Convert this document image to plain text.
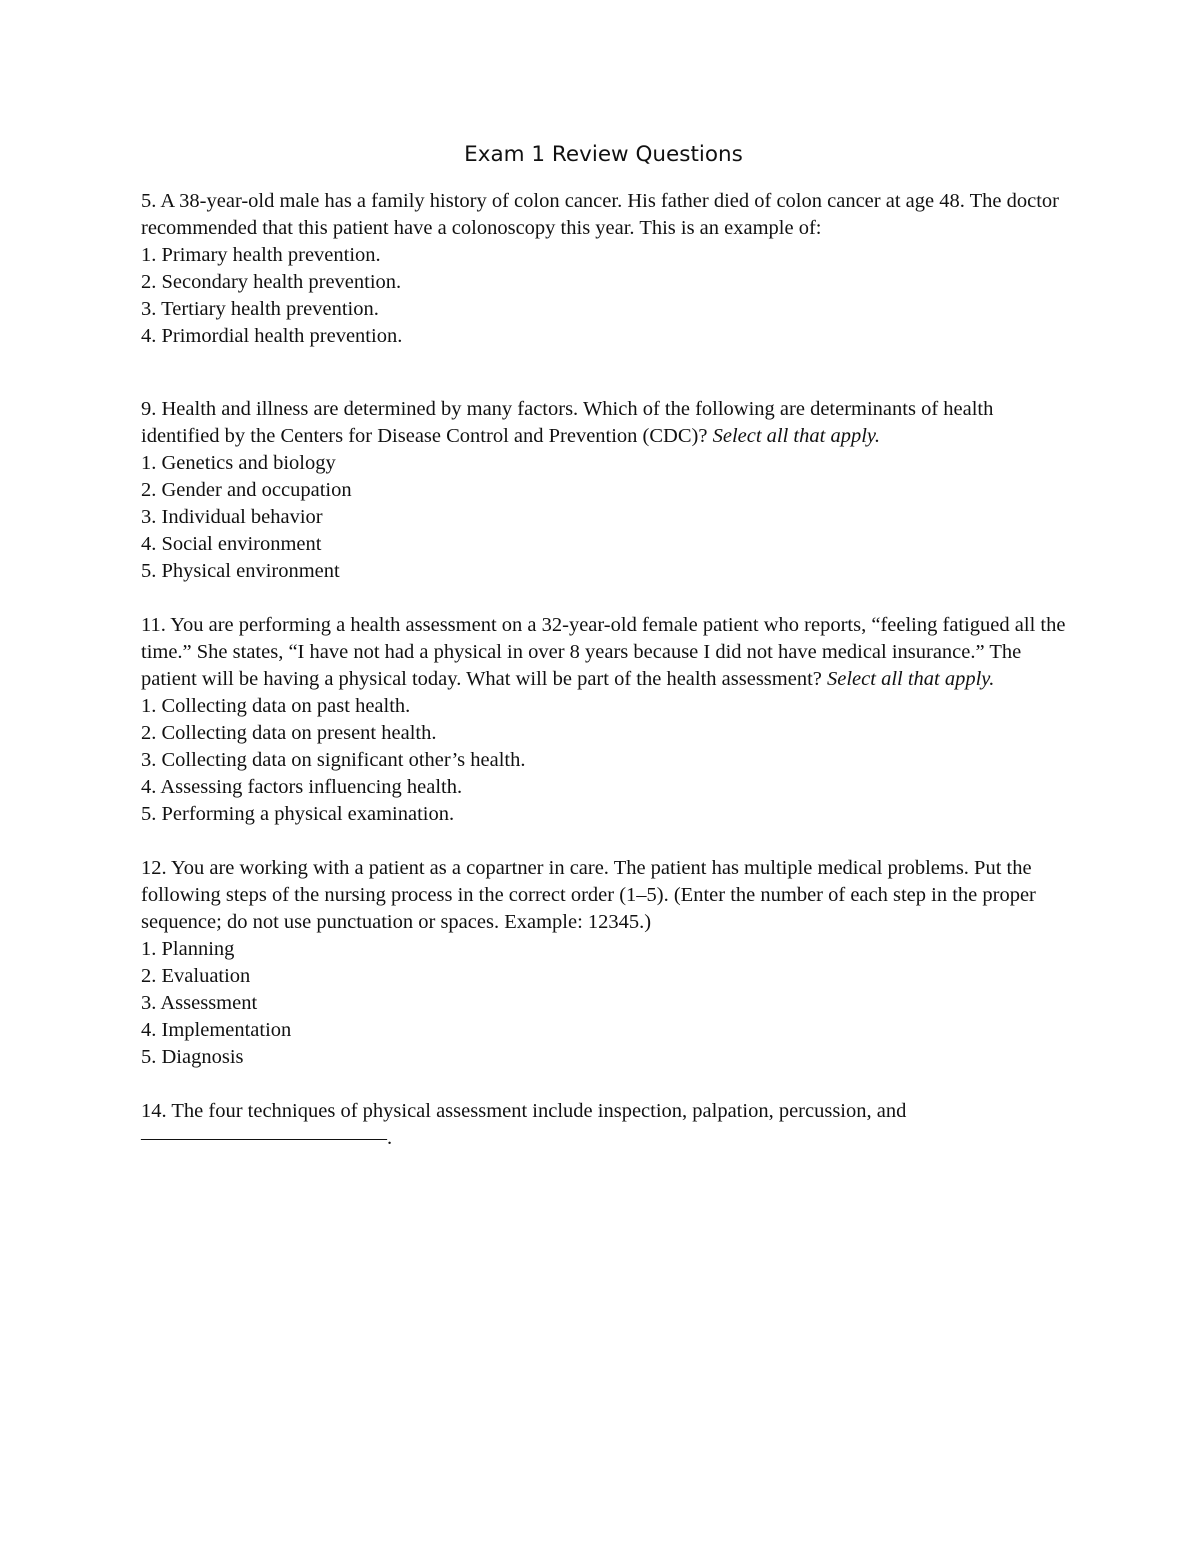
Exam 1 Review Questions

5. A 38-year-old male has a family history of colon cancer. His father died of colon cancer at age 48. The doctor recommended that this patient have a colonoscopy this year. This is an example of:

1. Primary health prevention.
2. Secondary health prevention.
3. Tertiary health prevention.
4. Primordial health prevention.

9. Health and illness are determined by many factors. Which of the following are determinants of health identified by the Centers for Disease Control and Prevention (CDC)? Select all that apply.

1. Genetics and biology
2. Gender and occupation
3. Individual behavior
4. Social environment
5. Physical environment

11. You are performing a health assessment on a 32-year-old female patient who reports, “feeling fatigued all the time.” She states, “I have not had a physical in over 8 years because I did not have medical insurance.” The patient will be having a physical today. What will be part of the health assessment? Select all that apply.

1. Collecting data on past health.
2. Collecting data on present health.
3. Collecting data on significant other’s health.
4. Assessing factors influencing health.
5. Performing a physical examination.

12. You are working with a patient as a copartner in care. The patient has multiple medical problems. Put the following steps of the nursing process in the correct order (1–5). (Enter the number of each step in the proper sequence; do not use punctuation or spaces. Example: 12345.)

1. Planning
2. Evaluation
3. Assessment
4. Implementation
5. Diagnosis

14. The four techniques of physical assessment include inspection, palpation, percussion, and ————————————.
